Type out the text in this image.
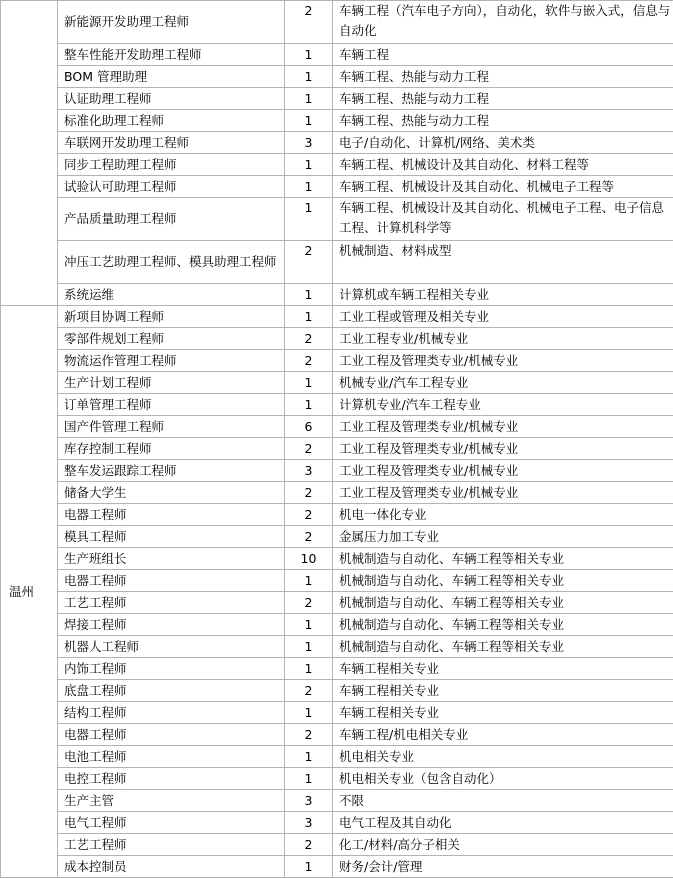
	新能源开发助理工程师	2	车辆工程（汽车电子方向），自动化，软件与嵌入式，信息与自动化
	整车性能开发助理工程师	1	车辆工程
	BOM 管理助理	1	车辆工程、热能与动力工程
	认证助理工程师	1	车辆工程、热能与动力工程
	标准化助理工程师	1	车辆工程、热能与动力工程
	车联网开发助理工程师	3	电子/自动化、计算机/网络、美术类
	同步工程助理工程师	1	车辆工程、机械设计及其自动化、材料工程等
	试验认可助理工程师	1	车辆工程、机械设计及其自动化、机械电子工程等
	产品质量助理工程师	1	车辆工程、机械设计及其自动化、机械电子工程、电子信息工程、计算机科学等
	冲压工艺助理工程师、模具助理工程师	2	机械制造、材料成型
	系统运维	1	计算机或车辆工程相关专业
温州	新项目协调工程师	1	工业工程或管理及相关专业
	零部件规划工程师	2	工业工程专业/机械专业
	物流运作管理工程师	2	工业工程及管理类专业/机械专业
	生产计划工程师	1	机械专业/汽车工程专业
	订单管理工程师	1	计算机专业/汽车工程专业
	国产件管理工程师	6	工业工程及管理类专业/机械专业
	库存控制工程师	2	工业工程及管理类专业/机械专业
	整车发运跟踪工程师	3	工业工程及管理类专业/机械专业
	储备大学生	2	工业工程及管理类专业/机械专业
	电器工程师	2	机电一体化专业
	模具工程师	2	金属压力加工专业
	生产班组长	10	机械制造与自动化、车辆工程等相关专业
	电器工程师	1	机械制造与自动化、车辆工程等相关专业
	工艺工程师	2	机械制造与自动化、车辆工程等相关专业
	焊接工程师	1	机械制造与自动化、车辆工程等相关专业
	机器人工程师	1	机械制造与自动化、车辆工程等相关专业
	内饰工程师	1	车辆工程相关专业
	底盘工程师	2	车辆工程相关专业
	结构工程师	1	车辆工程相关专业
	电器工程师	2	车辆工程/机电相关专业
	电池工程师	1	机电相关专业
	电控工程师	1	机电相关专业（包含自动化）
	生产主管	3	不限
	电气工程师	3	电气工程及其自动化
	工艺工程师	2	化工/材料/高分子相关
	成本控制员	1	财务/会计/管理
